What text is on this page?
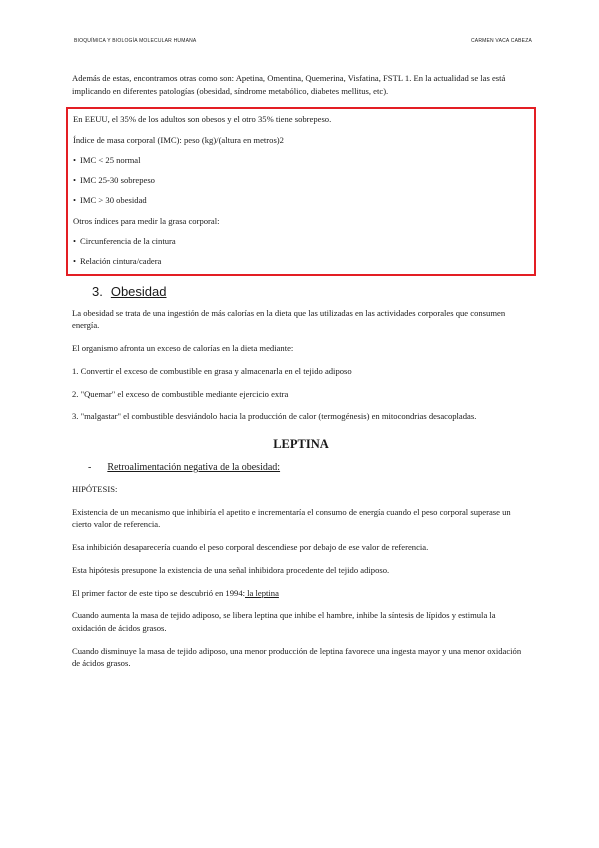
BIOQUÍMICA Y BIOLOGÍA MOLECULAR HUMANA	CARMEN VACA CABEZA

Además de estas, encontramos otras como son: Apetina, Omentina, Quemerina, Visfatina, FSTL 1. En la actualidad se las está implicando en diferentes patologías (obesidad, síndrome metabólico, diabetes mellitus, etc).

En EEUU, el 35% de los adultos son obesos y el otro 35% tiene sobrepeso.

Índice de masa corporal (IMC): peso (kg)/(altura en metros)2

• IMC < 25 normal

• IMC 25-30 sobrepeso

• IMC > 30 obesidad

Otros índices para medir la grasa corporal:

• Circunferencia de la cintura

• Relación cintura/cadera

3. Obesidad

La obesidad se trata de una ingestión de más calorías en la dieta que las utilizadas en las actividades corporales que consumen energía.

El organismo afronta un exceso de calorías en la dieta mediante:

1. Convertir el exceso de combustible en grasa y almacenarla en el tejido adiposo

2. "Quemar" el exceso de combustible mediante ejercicio extra

3. "malgastar" el combustible desviándolo hacia la producción de calor (termogénesis) en mitocondrias desacopladas.

LEPTINA
- Retroalimentación negativa de la obesidad:

HIPÓTESIS:

Existencia de un mecanismo que inhibiría el apetito e incrementaría el consumo de energía cuando el peso corporal superase un cierto valor de referencia.

Esa inhibición desaparecería cuando el peso corporal descendiese por debajo de ese valor de referencia.

Esta hipótesis presupone la existencia de una señal inhibidora procedente del tejido adiposo.

El primer factor de este tipo se descubrió en 1994: la leptina

Cuando aumenta la masa de tejido adiposo, se libera leptina que inhibe el hambre, inhibe la síntesis de lípidos y estimula la oxidación de ácidos grasos.

Cuando disminuye la masa de tejido adiposo, una menor producción de leptina favorece una ingesta mayor y una menor oxidación de ácidos grasos.
